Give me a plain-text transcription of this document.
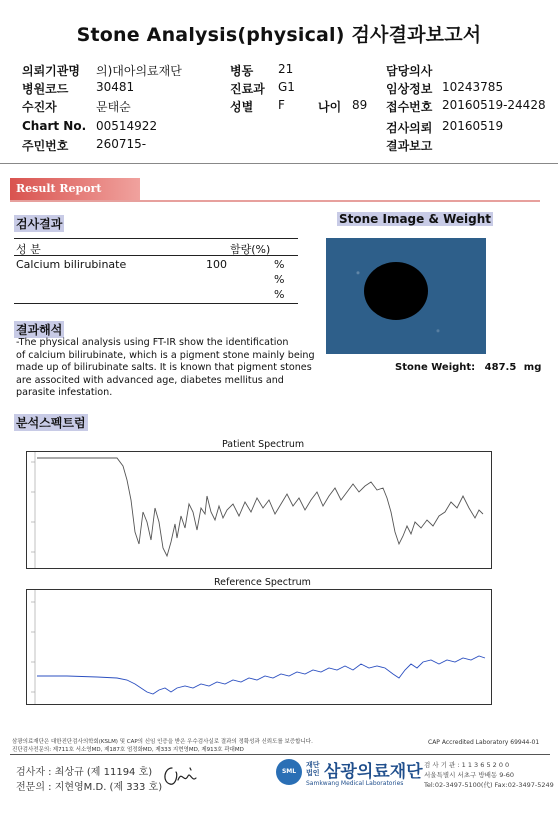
Stone Analysis(physical) 검사결과보고서
의뢰기관명 의)대아의료재단
병원코드 30481
수진자	문태순
Chart No. 00514922
주민번호 260715-
병동 21
진료과 G1
성별 F	나이 89
담당의사
임상정보 10243785
접수번호 20160519-24428
검사의뢰 20160519
결과보고
Result Report
검사결과
성 분	함량(%)
Calcium bilirubinate	100	%
%
%
결과해석
-The physical analysis using FT-IR show the identification
of calcium bilirubinate, which is a pigment stone mainly being
made up of bilirubinate salts. It is known that pigment stones
are associted with advanced age, diabetes mellitus and
parasite infestation.
Stone Image & Weight
Stone Weight: 487.5 mg
분석스펙트럼
Patient Spectrum
Reference Spectrum
삼광의료재단은 대한진단검사의학회(KSLM) 및 CAP의 신임 인증을 받은 우수검사실로 결과의 정확성과 신뢰도를 보증합니다.
진단검사전문의: 제711호 서소영MD, 제187호 엄정화MD, 제333 지현영MD, 제913호 곽대MD
CAP Accredited Laboratory 69944-01
검사자 : 최상규 (제 11194 호)
전문의 : 지현영M.D. (제 333 호)
SML
재단
법인 삼광의료재단
Samkwang Medical Laboratories
검 사 기 관 : 1 1 3 6 5 2 0 0
서울특별시 서초구 방배동 9-60
Tel:02-3497-5100(代) Fax:02-3497-5249
